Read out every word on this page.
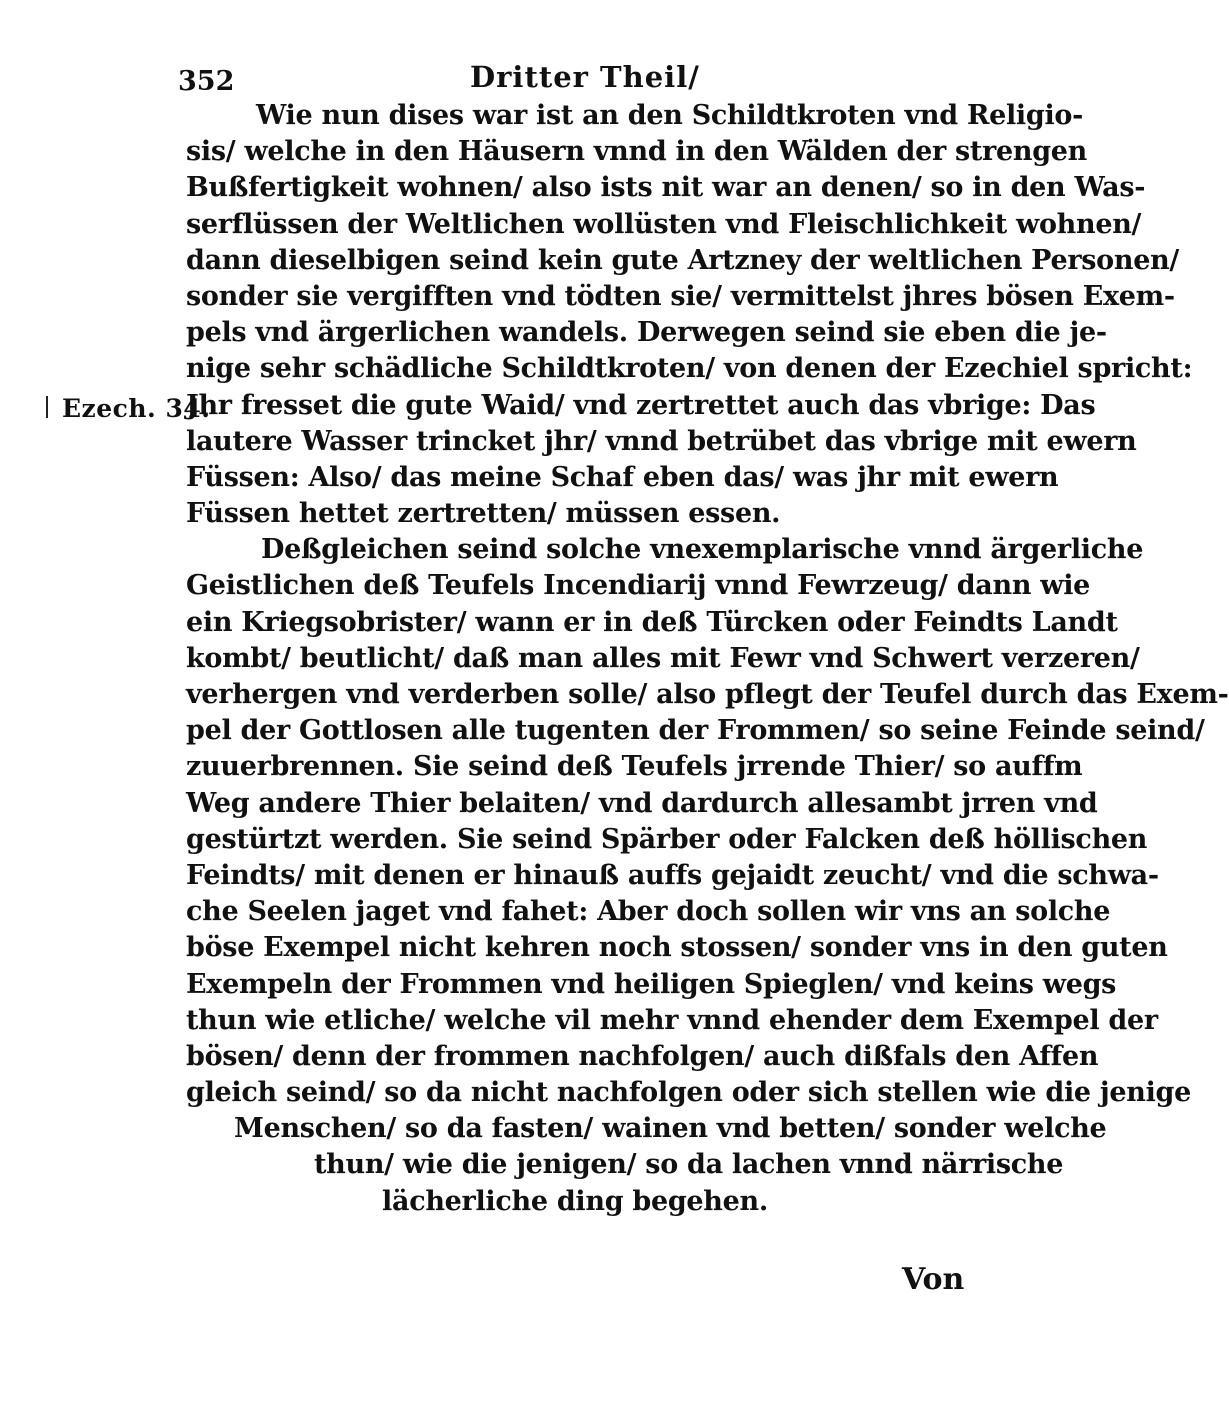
352	Dritter Theil/
Ezech. 34.
Wie nun dises war ist an den Schildtkroten vnd Religio-
sis/ welche in den Häusern vnnd in den Wälden der strengen
Bußfertigkeit wohnen/ also ists nit war an denen/ so in den Was-
serflüssen der Weltlichen wollüsten vnd Fleischlichkeit wohnen/
dann dieselbigen seind kein gute Artzney der weltlichen Personen/
sonder sie vergifften vnd tödten sie/ vermittelst jhres bösen Exem-
pels vnd ärgerlichen wandels. Derwegen seind sie eben die je-
nige sehr schädliche Schildtkroten/ von denen der Ezechiel spricht:
Jhr fresset die gute Waid/ vnd zertrettet auch das vbrige: Das
lautere Wasser trincket jhr/ vnnd betrübet das vbrige mit ewern
Füssen: Also/ das meine Schaf eben das/ was jhr mit ewern
Füssen hettet zertretten/ müssen essen.
Deßgleichen seind solche vnexemplarische vnnd ärgerliche
Geistlichen deß Teufels Incendiarij vnnd Fewrzeug/ dann wie
ein Kriegsobrister/ wann er in deß Türcken oder Feindts Landt
kombt/ beutlicht/ daß man alles mit Fewr vnd Schwert verzeren/
verhergen vnd verderben solle/ also pflegt der Teufel durch das Exem-
pel der Gottlosen alle tugenten der Frommen/ so seine Feinde seind/
zuuerbrennen. Sie seind deß Teufels jrrende Thier/ so auffm
Weg andere Thier belaiten/ vnd dardurch allesambt jrren vnd
gestürtzt werden. Sie seind Spärber oder Falcken deß höllischen
Feindts/ mit denen er hinauß auffs gejaidt zeucht/ vnd die schwa-
che Seelen jaget vnd fahet: Aber doch sollen wir vns an solche
böse Exempel nicht kehren noch stossen/ sonder vns in den guten
Exempeln der Frommen vnd heiligen Spieglen/ vnd keins wegs
thun wie etliche/ welche vil mehr vnnd ehender dem Exempel der
bösen/ denn der frommen nachfolgen/ auch dißfals den Affen
gleich seind/ so da nicht nachfolgen oder sich stellen wie die jenige
Menschen/ so da fasten/ wainen vnd betten/ sonder welche
thun/ wie die jenigen/ so da lachen vnnd närrische
lächerliche ding begehen.
Von
